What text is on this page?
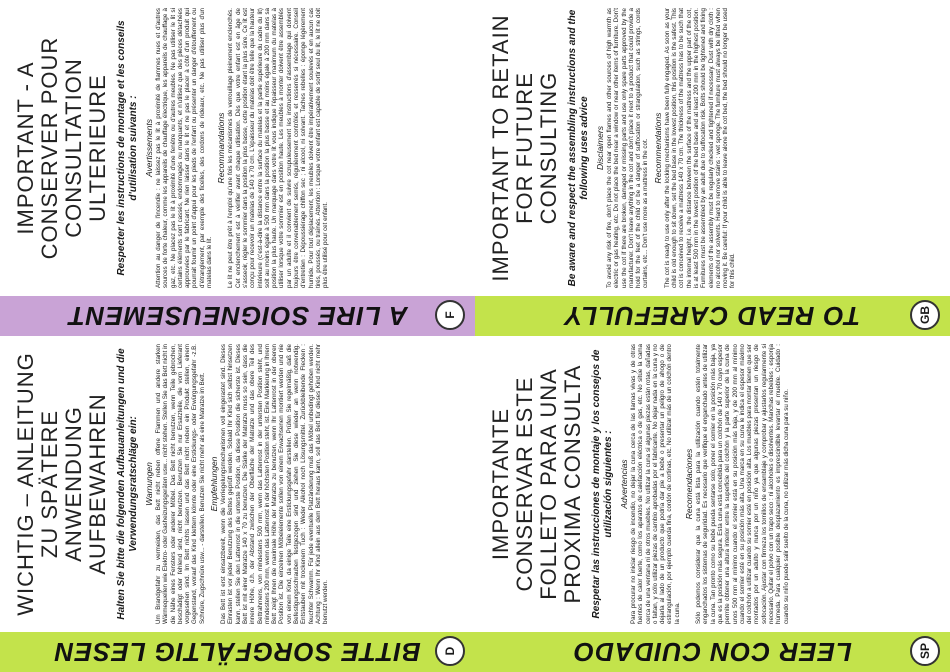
A LIRE SOIGNEUSEMENT	F
IMPORTANT - A CONSERVER POUR CONSULTATION ULTERIEURE Respecter les instructions de montage et les conseils d'utilisation suivants : Avertissements Attention au danger de l'incendie : ne laissez pas le lit à proximité de flammes nues et d'autres sources de forte chaleur, comme les appareils de chauffage électrique, les appareils de chauffage à gaz, etc. Ne placez pas le lit à proximité d'une fenêtre ou d'autres meubles. Ne pas utiliser le lit si certains éléments sont cassés, endommagés ou manquants, et n'utilisez que des pièces détachées approuvées par le fabricant. Ne rien laisser dans le lit et ne pas le placer à côté d'un produit qui pourrait fournir un point d'appui pour les pieds de l'enfant ou présenter un danger d'étouffement ou d'étranglement, par exemple des ficelles, des cordons de rideaux, etc. Ne pas utiliser plus d'un matelas dans le lit.

Recommandations Le lit ne peut être prêt à l'emploi qu'une fois les mécanismes de verrouillage pleinement enclenchés. Cet enclenchement est à vérifier avant chaque utilisation. Dès que votre enfant est en âge de s'asseoir, régler le sommier dans la position la plus basse, cette position étant la plus sûre. Ce lit est conçu pour recevoir un matelas de 140 x 70 cm. L'épaisseur du matelas doit être telle que la hauteur intérieure (c'est-à-dire la distance entre la surface du matelas et la partie supérieure du cadre du lit) soit au moins égale à 500 mm dans la position la plus basse et au moins égale à 200 mm dans sa position la plus haute. Un marquage dans votre lit vous indique l'épaisseur maximum du matelas à utiliser lorsque votre sommier est en position haute. Les meubles à monter doivent être assemblés par un adulte et il convient de suivre scrupuleusement les instructions d'assemblage qui doivent toujours être convenablement serrés, régulièrement contrôlés et resserrés si nécessaire. Conseil d'entretien : Dépoussiérage chiffon sec ; ni alcool, ni solvant. Taches rebelles : éponge légèrement humide. Pour tout déplacement, les meubles doivent être impérativement soulevés et en aucun cas tirés, poussés, ou traînés. Attention : Lorsque votre enfant est capable de sortir seul du lit, le lit ne doit plus être utilisé pour cet enfant.

TO READ CAREFULLY	GB
IMPORTANT TO RETAIN FOR FUTURE CONSULTING Be aware and respect the assembling instructions and the following uses advice Disclaimers To avoid any risk of fire, don't place the cot near open flames and other sources of high warmth as electric or gas heating, etc. Do not place the bed near a window or near other items of furniture. Don't use the cot if there are broken, damaged or missing parts and use only spare parts approved by the manufacturer. Don't leave anything in the cot and don't place it next to a product that could provide a hold for the feet of the child or be a danger of suffocation or strangulation, such as strings, cords curtains, etc... Don't use more as a mattress in the cot. Recommendations The cot is ready to use only after the locking mechanisms have been fully engaged. As soon as your child is old enough to sit down, set the bed base in the lowest position, this position is the safest. This cot is conceived to receive a mattress 140 x 70 cm. The thickness of the mattress has to be such that the internal height, i.e. the distance between the surface of the mattress and the upper part of the cot, is at least 500 mm in the lowest position of the bed base and at least 200 mm in the highest position. Furnitures must be assembled by an adult due to suffocation risk. Bolts should be tightened and fixing elements of the assembly must be regularly checked and tightened if necessary. Dust with dry cloth : no alcohol nor solvents. Hard to remove stains : wet sponge. The furniture must always be lifted when moving it. Be careful: If your child is able to leave alone the cot bed, the bed should no longer be used for this child.

BITTE SORGFÄLTIG LESEN	D
WICHTIG – ANLEITUNG ZU SPÄTERE ANWENDUNG AUFBEWAHREN Halten Sie bitte die folgenden Aufbauanleitungen und die Verwendungsratschläge ein: Warnungen Um Brandgefahr zu vermeiden, das Bett nicht neben offene Flammen und andere starken Wärmequellen wie Elektro- oder Gasheizungsgeräten usw... nicht stehen. Stellen Sie das Bett nicht in die Nähe eines Fensters oder anderer Möbel. Das Bett nicht benutzen, wenn Teile gebrochen, beschädigt oder fehlend sind, nicht benutzen. Benutzen Sie nur Ersatzteile, die vom Lieferant vorgesehen sind. Im Bett nichts lassen und das Bett nicht neben ein Produkt stellen, einem Gegenstand, worauf das Kind klettern könnte oder eine Erstickungs- oder Erwürgungsgefahr -z.B. Schnüre, Zugschnüre usw... - darstellen. Benutzen Sie nicht mehr als eine Matratze im Bett. Empfehlungen Das Bett ist erst einsatzbereit, wenn die Verriegelungsmechanismen voll eingerastet sind. Dieses Einrasten ist vor jeder Benutzung des Bettes geprüft werden. Sobald Ihr Kind sich selbst hinsetzen kann, stellen Sie den Lattenrost in die unterste Position, da diese Position die sicherste ist. Dieses Bett ist mit einer Matratze 140 x 70 zu benutzen. Die Stärke der Matratze muss so sein, dass die innere Höhe, d.h. der Abstand zwischen der Oberfläche der Matratze und das obere Teil des Bettrahmens, von mindestens 500 mm, wenn das Lattenrost in der untersten Position steht, und mindestens 200 mm, wenn das Lattenrost in der höchsten Position steht, ist. Eine Markierung in Ihrem Bett zeigt Ihnen die maximale Höhe der Matratze zu benutzen, wenn Ihr Lattenrost in der oberen Position ist. Die einzelnen Möbelelemente sollen von einem Erwachsenen montiert werden und nie von einem Kind, da einige Teile eine Erstickungsgefahr darstellen. Prüfen Sie regelmäßig, daß die Befestigungsschrauben festgezogen sind und ziehen Sie diese wieder an wenn notwendig. Entstauben mit trockenem Tuch : Weder Alkohol noch Lösungsmittel. Zurückbleibende Flecken : feuchter Schwamm. Für jede eventuelle Platzänderung muß das Möbel unbedingt gehoben werden. Achtung : Wenn Ihr Kind allein aus dem Bett heraus kann, soll das Bett für dieses Kind nicht mehr benutzt werden.

LEER CON CUIDADO	SP
IMPORTANTE CONSERVAR ESTE FOLLETO PARA UNA PROXIMA CONSULTA Respetar las instrucciones de montaje y los consejos de utilización siguientes : Advertencias Para procurar no iniciar riesgo de incendio, no dejar la cuna cerca de las llamas vivas y de otras fuentes de calor fuerte, como los aparatos de calefacción eléctrica o de gas, etc. No sitúe la cama cerca de una ventana ni de otros muebles. No utilizar la cuna si algunas piezas están rotas, dañadas o faltan, y sólo utilizar piezas de cambio aprobadas por el fabricante. No dejar nada en la cuna y no dejarla al lado de un producto que podría dar pie a bebé o presentar un peligro de ahogo o de estrangulación, por ejemplo cuerda fina, cordón de cortinas, etc. No utilizar más de un colchón dentro la cuna.

Recomendaciones Sólo podemos considerar que la cuna está lista para la utilización cuando estén totalmente enganchados los sistemas de seguridad. Es necesario que verifique el enganchado antes de utilizar la cuna. Tan pronto como su bebé pueda sentarse solo, poner el somier en la posición más baja, ya que es la posición más segura. Esta cuna está concebida para un colchón de 140 x 70 cuyo espesor permite obtener una altura interior entre la superficie del colchón y la parte superior de la cuna de unos 500 mm al mínimo cuando el somier está en su posición más baja, y de 200 mm al mínimo cuando el somier esté en su posición más alta. Una marca en su cuna le indica el espesor máximo del colchón a utilizar cuando su somier esté en posición alta. Los muebles para montar tienen que ser montados por un adulto y nunca por un niño ya que algunas piezas presentan un riesgo de sofocación. Ajustar con firmeza los tornillos de ensamblaje y comprobar y ajustarlos regularmente si necesario. Quitar el polvo con un trapo seco : ni alcoholes o disolventes. Manchas rebeldes : esponja húmeda. Para cualquier posible desplazamiento es imprescindible levantar el mueble. Cuidado : cuando su niño puede salir suelto de la cuna, no utilizar más dicha cuna para su niño.
